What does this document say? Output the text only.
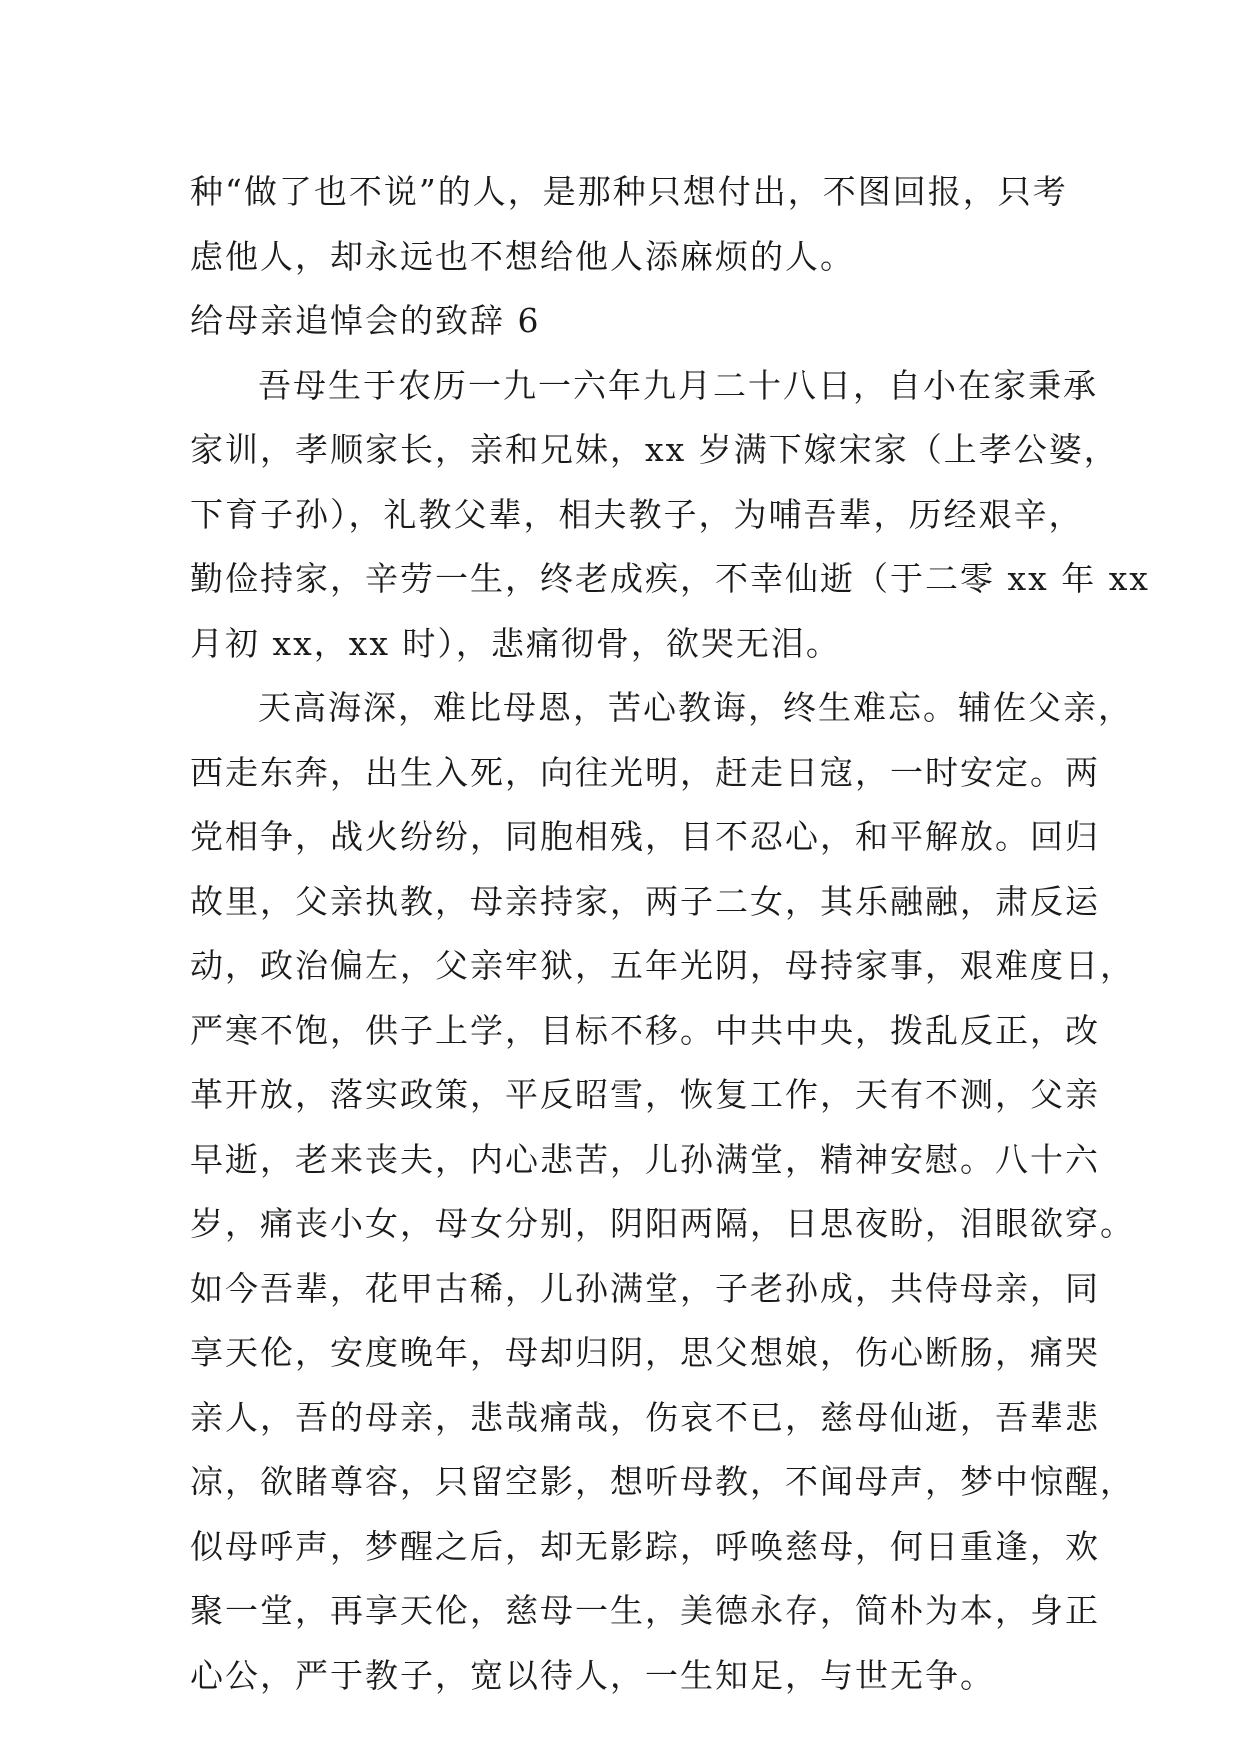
种“做了也不说”的人，是那种只想付出，不图回报，只考
虑他人，却永远也不想给他人添麻烦的人。
给母亲追悼会的致辞 6
吾母生于农历一九一六年九月二十八日，自小在家秉承
家训，孝顺家长，亲和兄妹，xx 岁满下嫁宋家（上孝公婆，
下育子孙），礼教父辈，相夫教子，为哺吾辈，历经艰辛，
勤俭持家，辛劳一生，终老成疾，不幸仙逝（于二零 xx 年 xx
月初 xx，xx 时），悲痛彻骨，欲哭无泪。
天高海深，难比母恩，苦心教诲，终生难忘。辅佐父亲，
西走东奔，出生入死，向往光明，赶走日寇，一时安定。两
党相争，战火纷纷，同胞相残，目不忍心，和平解放。回归
故里，父亲执教，母亲持家，两子二女，其乐融融，肃反运
动，政治偏左，父亲牢狱，五年光阴，母持家事，艰难度日，
严寒不饱，供子上学，目标不移。中共中央，拨乱反正，改
革开放，落实政策，平反昭雪，恢复工作，天有不测，父亲
早逝，老来丧夫，内心悲苦，儿孙满堂，精神安慰。八十六
岁，痛丧小女，母女分别，阴阳两隔，日思夜盼，泪眼欲穿。
如今吾辈，花甲古稀，儿孙满堂，子老孙成，共侍母亲，同
享天伦，安度晚年，母却归阴，思父想娘，伤心断肠，痛哭
亲人，吾的母亲，悲哉痛哉，伤哀不已，慈母仙逝，吾辈悲
凉，欲睹尊容，只留空影，想听母教，不闻母声，梦中惊醒，
似母呼声，梦醒之后，却无影踪，呼唤慈母，何日重逢，欢
聚一堂，再享天伦，慈母一生，美德永存，简朴为本，身正
心公，严于教子，宽以待人，一生知足，与世无争。
